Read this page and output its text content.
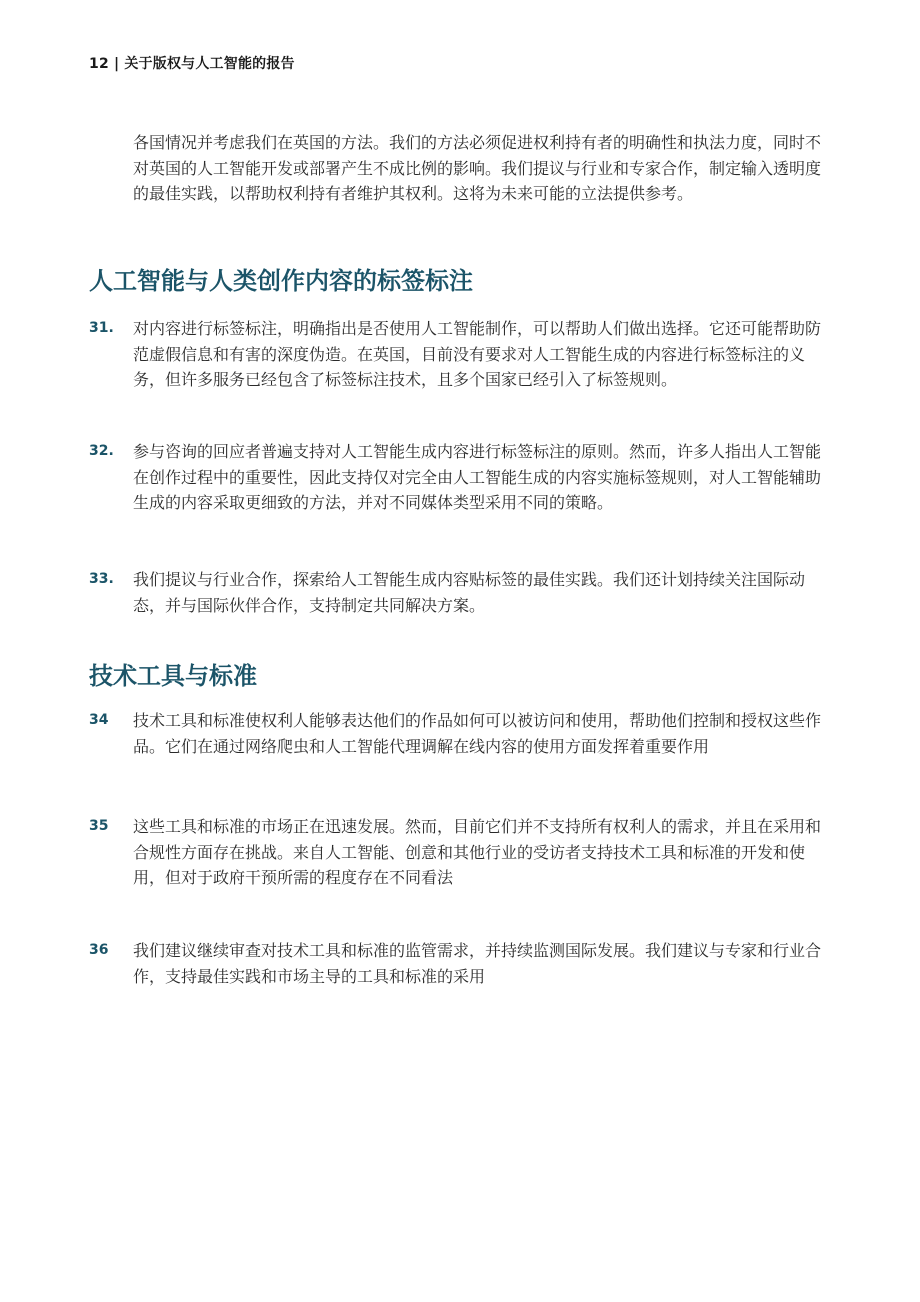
12 | 关于版权与人工智能的报告

各国情况并考虑我们在英国的方法。我们的方法必须促进权利持有者的明确性和执法力度，同时不对英国的人工智能开发或部署产生不成比例的影响。我们提议与行业和专家合作，制定输入透明度的最佳实践，以帮助权利持有者维护其权利。这将为未来可能的立法提供参考。

人工智能与人类创作内容的标签标注
31. 对内容进行标签标注，明确指出是否使用人工智能制作，可以帮助人们做出选择。它还可能帮助防范虚假信息和有害的深度伪造。在英国，目前没有要求对人工智能生成的内容进行标签标注的义务，但许多服务已经包含了标签标注技术，且多个国家已经引入了标签规则。

32. 参与咨询的回应者普遍支持对人工智能生成内容进行标签标注的原则。然而，许多人指出人工智能在创作过程中的重要性，因此支持仅对完全由人工智能生成的内容实施标签规则，对人工智能辅助生成的内容采取更细致的方法，并对不同媒体类型采用不同的策略。

33. 我们提议与行业合作，探索给人工智能生成内容贴标签的最佳实践。我们还计划持续关注国际动态，并与国际伙伴合作，支持制定共同解决方案。

技术工具与标准
34 技术工具和标准使权利人能够表达他们的作品如何可以被访问和使用，帮助他们控制和授权这些作品。它们在通过网络爬虫和人工智能代理调解在线内容的使用方面发挥着重要作用

35 这些工具和标准的市场正在迅速发展。然而，目前它们并不支持所有权利人的需求，并且在采用和合规性方面存在挑战。来自人工智能、创意和其他行业的受访者支持技术工具和标准的开发和使用，但对于政府干预所需的程度存在不同看法

36 我们建议继续审查对技术工具和标准的监管需求，并持续监测国际发展。我们建议与专家和行业合作，支持最佳实践和市场主导的工具和标准的采用
